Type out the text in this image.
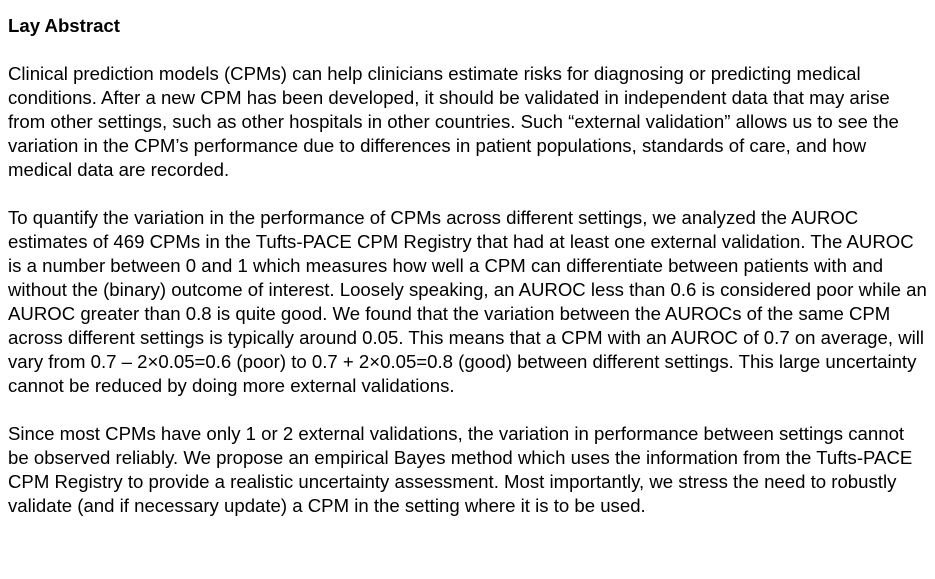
Lay Abstract

Clinical prediction models (CPMs) can help clinicians estimate risks for diagnosing or predicting medical conditions. After a new CPM has been developed, it should be validated in independent data that may arise from other settings, such as other hospitals in other countries. Such “external validation” allows us to see the variation in the CPM’s performance due to differences in patient populations, standards of care, and how medical data are recorded.

To quantify the variation in the performance of CPMs across different settings, we analyzed the AUROC estimates of 469 CPMs in the Tufts-PACE CPM Registry that had at least one external validation. The AUROC is a number between 0 and 1 which measures how well a CPM can differentiate between patients with and without the (binary) outcome of interest. Loosely speaking, an AUROC less than 0.6 is considered poor while an AUROC greater than 0.8 is quite good. We found that the variation between the AUROCs of the same CPM across different settings is typically around 0.05. This means that a CPM with an AUROC of 0.7 on average, will vary from 0.7 – 2×0.05=0.6 (poor) to 0.7 + 2×0.05=0.8 (good) between different settings. This large uncertainty cannot be reduced by doing more external validations.

Since most CPMs have only 1 or 2 external validations, the variation in performance between settings cannot be observed reliably. We propose an empirical Bayes method which uses the information from the Tufts-PACE CPM Registry to provide a realistic uncertainty assessment. Most importantly, we stress the need to robustly validate (and if necessary update) a CPM in the setting where it is to be used.
